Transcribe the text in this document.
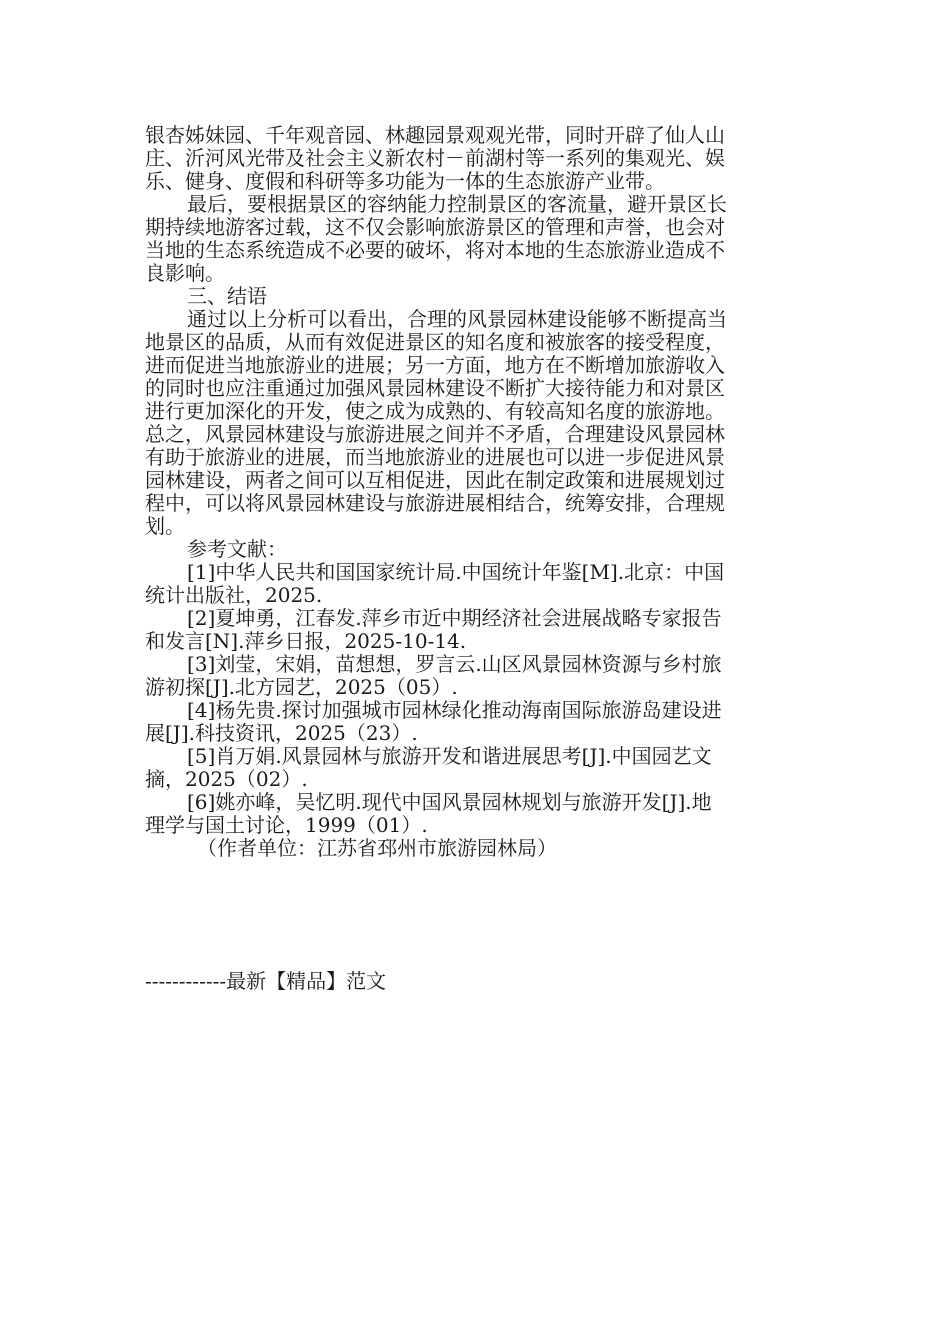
银杏姊妹园、千年观音园、林趣园景观观光带，同时开辟了仙人山
庄、沂河风光带及社会主义新农村－前湖村等一系列的集观光、娱
乐、健身、度假和科研等多功能为一体的生态旅游产业带。
最后，要根据景区的容纳能力控制景区的客流量，避开景区长
期持续地游客过载，这不仅会影响旅游景区的管理和声誉，也会对
当地的生态系统造成不必要的破坏，将对本地的生态旅游业造成不
良影响。
三、结语
通过以上分析可以看出，合理的风景园林建设能够不断提高当
地景区的品质，从而有效促进景区的知名度和被旅客的接受程度，
进而促进当地旅游业的进展；另一方面，地方在不断增加旅游收入
的同时也应注重通过加强风景园林建设不断扩大接待能力和对景区
进行更加深化的开发，使之成为成熟的、有较高知名度的旅游地。
总之，风景园林建设与旅游进展之间并不矛盾，合理建设风景园林
有助于旅游业的进展，而当地旅游业的进展也可以进一步促进风景
园林建设，两者之间可以互相促进，因此在制定政策和进展规划过
程中，可以将风景园林建设与旅游进展相结合，统筹安排，合理规
划。
参考文献：
[1]中华人民共和国国家统计局.中国统计年鉴[M].北京：中国
统计出版社，2025.
[2]夏坤勇，江春发.萍乡市近中期经济社会进展战略专家报告
和发言[N].萍乡日报，2025-10-14.
[3]刘莹，宋娟，苗想想，罗言云.山区风景园林资源与乡村旅
游初探[J].北方园艺，2025（05）.
[4]杨先贵.探讨加强城市园林绿化推动海南国际旅游岛建设进
展[J].科技资讯，2025（23）.
[5]肖万娟.风景园林与旅游开发和谐进展思考[J].中国园艺文
摘，2025（02）.
[6]姚亦峰，吴忆明.现代中国风景园林规划与旅游开发[J].地
理学与国土讨论，1999（01）.
（作者单位：江苏省邳州市旅游园林局）
------------最新【精品】范文
